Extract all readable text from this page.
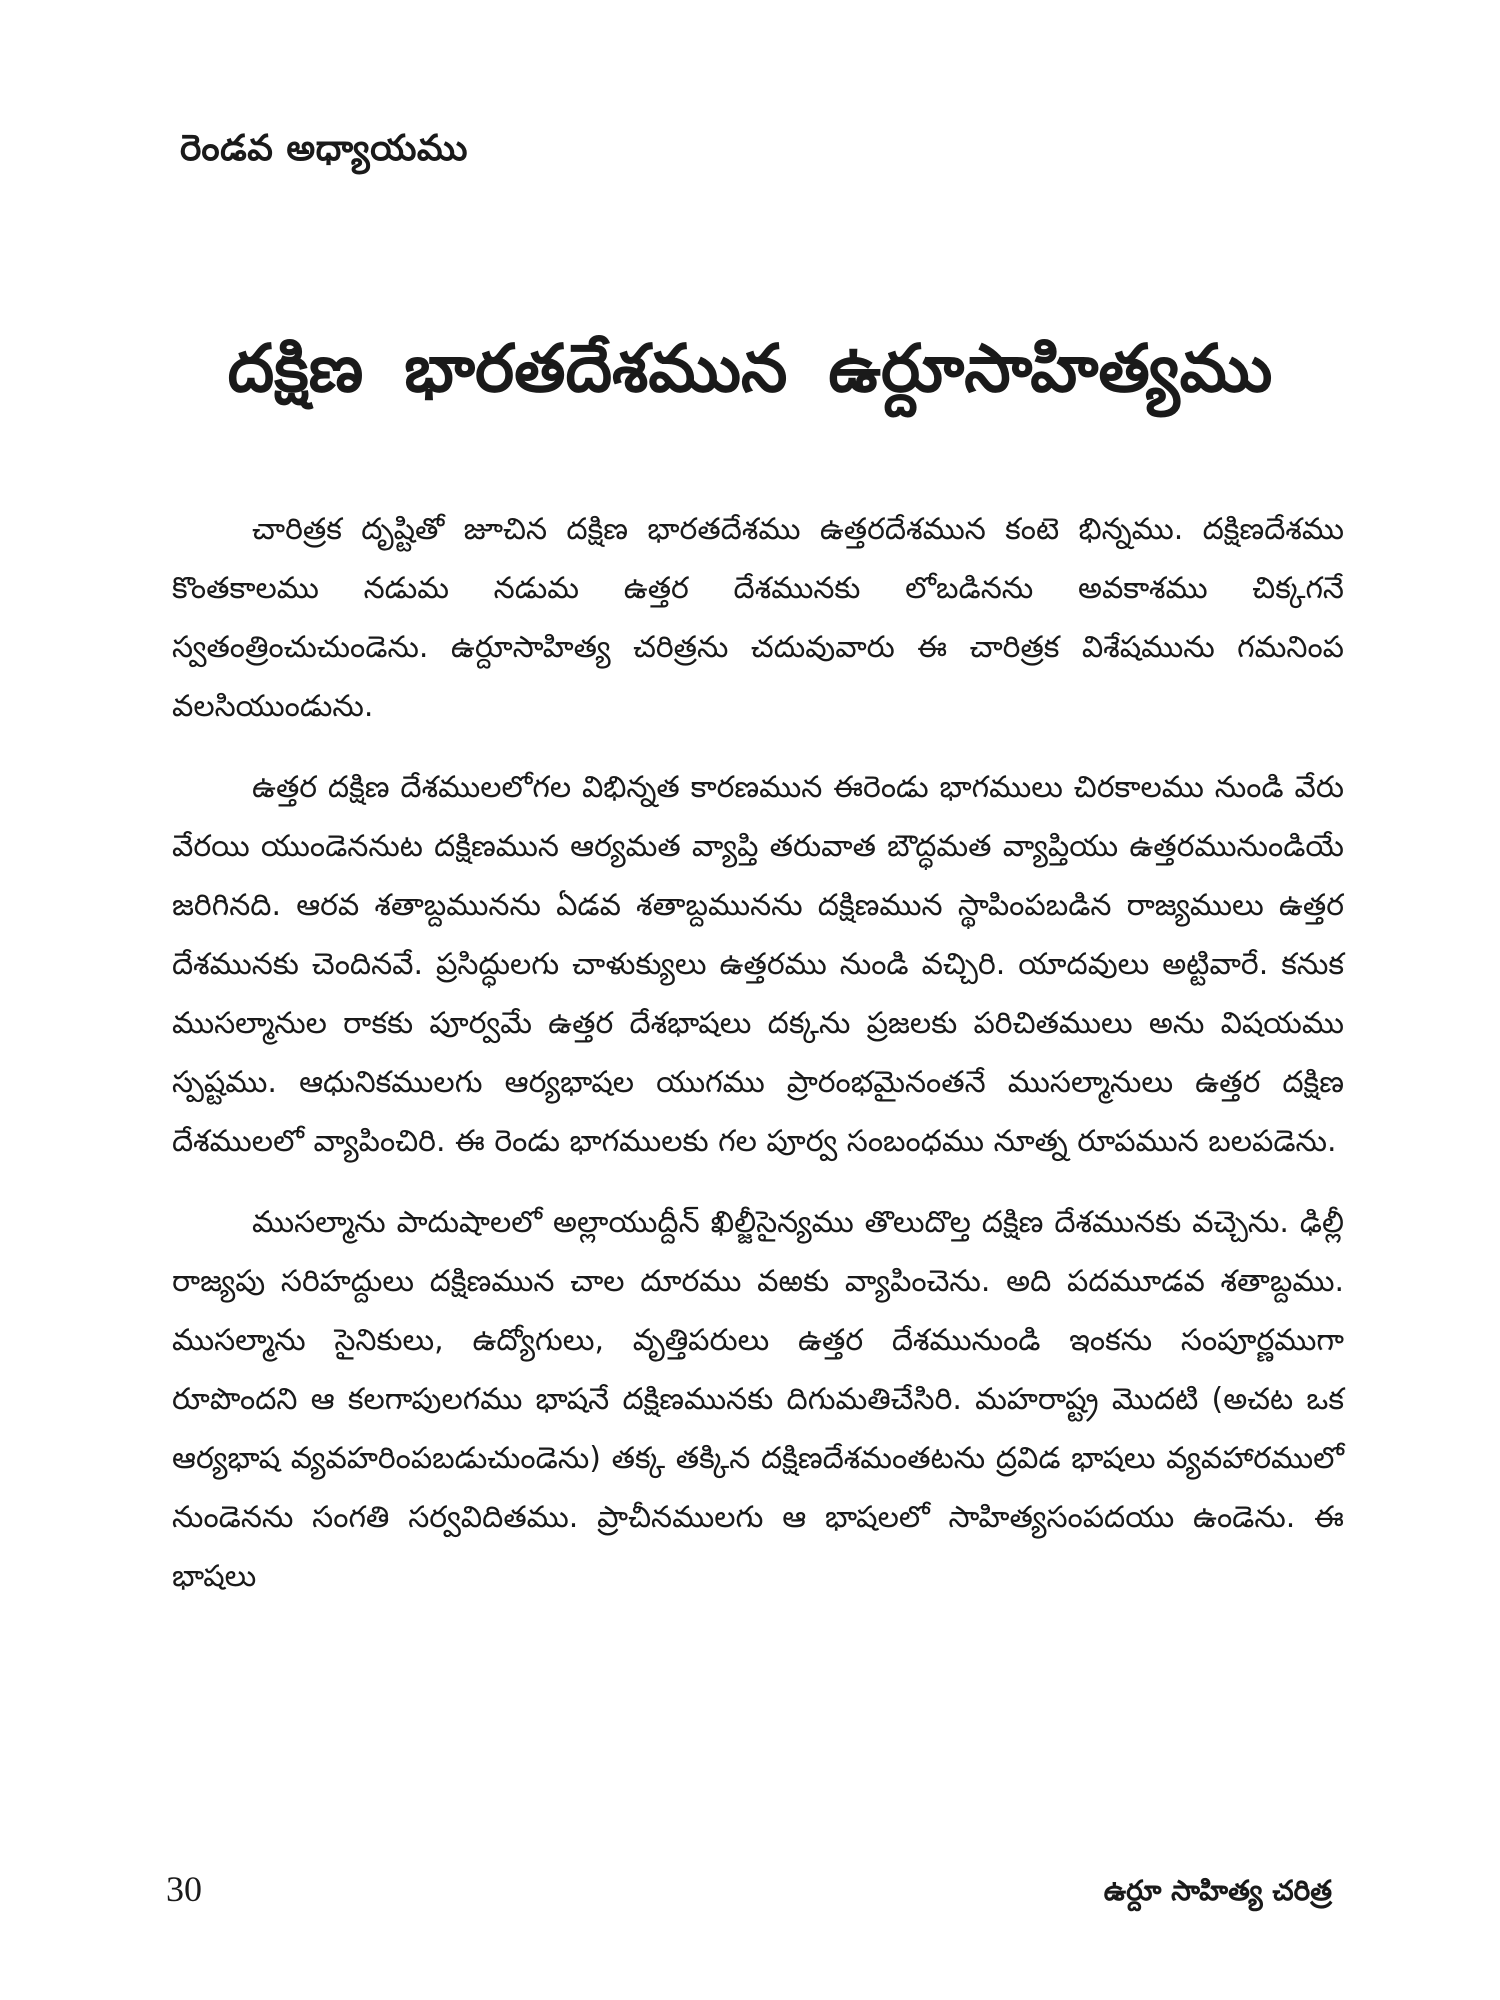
రెండవ అధ్యాయము
దక్షిణ భారతదేశమున ఉర్దూసాహిత్యము

చారిత్రక దృష్టితో జూచిన దక్షిణ భారతదేశము ఉత్తరదేశమున కంటె భిన్నము. దక్షిణదేశము కొంతకాలము నడుమ నడుమ ఉత్తర దేశమునకు లోబడినను అవకాశము చిక్కగనే స్వతంత్రించుచుండెను. ఉర్దూసాహిత్య చరిత్రను చదువువారు ఈ చారిత్రక విశేషమును గమనింప వలసియుండును.

ఉత్తర దక్షిణ దేశములలోగల విభిన్నత కారణమున ఈరెండు భాగములు చిరకాలము నుండి వేరు వేరయి యుండెననుట దక్షిణమున ఆర్యమత వ్యాప్తి తరువాత బౌద్ధమత వ్యాప్తియు ఉత్తరమునుండియే జరిగినది. ఆరవ శతాబ్దమునను ఏడవ శతాబ్దమునను దక్షిణమున స్థాపింపబడిన రాజ్యములు ఉత్తర దేశమునకు చెందినవే. ప్రసిద్ధులగు చాళుక్యులు ఉత్తరము నుండి వచ్చిరి. యాదవులు అట్టివారే. కనుక ముసల్మానుల రాకకు పూర్వమే ఉత్తర దేశభాషలు దక్కను ప్రజలకు పరిచితములు అను విషయము స్పష్టము. ఆధునికములగు ఆర్యభాషల యుగము ప్రారంభమైనంతనే ముసల్మానులు ఉత్తర దక్షిణ దేశములలో వ్యాపించిరి. ఈ రెండు భాగములకు గల పూర్వ సంబంధము నూత్న రూపమున బలపడెను.

ముసల్మాను పాదుషాలలో అల్లాయుద్దీన్ ఖిల్జీసైన్యము తొలుదొల్త దక్షిణ దేశమునకు వచ్చెను. ఢిల్లీ రాజ్యపు సరిహద్దులు దక్షిణమున చాల దూరము వఱకు వ్యాపించెను. అది పదమూడవ శతాబ్దము. ముసల్మాను సైనికులు, ఉద్యోగులు, వృత్తిపరులు ఉత్తర దేశమునుండి ఇంకను సంపూర్ణముగా రూపొందని ఆ కలగాపులగము భాషనే దక్షిణమునకు దిగుమతిచేసిరి. మహరాష్ట్ర మొదటి (అచట ఒక ఆర్యభాష వ్యవహరింపబడుచుండెను) తక్క తక్కిన దక్షిణదేశమంతటను ద్రవిడ భాషలు వ్యవహారములో నుండెనను సంగతి సర్వవిదితము. ప్రాచీనములగు ఆ భాషలలో సాహిత్యసంపదయు ఉండెను. ఈ భాషలు

30	ఉర్దూ సాహిత్య చరిత్ర
